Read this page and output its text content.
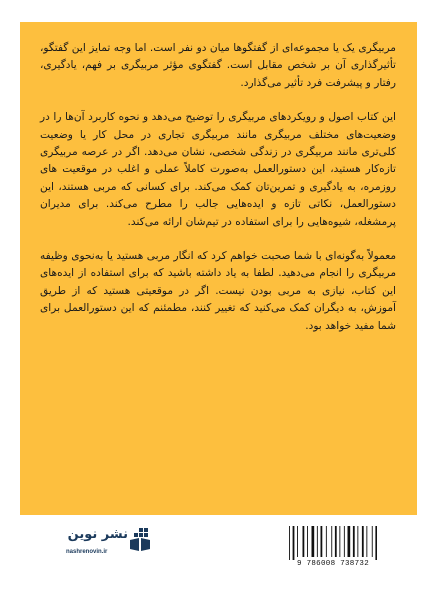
مربیگری یک یا مجموعه‌ای از گفتگوها میان دو نفر است. اما وجه تمایز این گفتگو، تأثیرگذاری آن بر شخص مقابل است. گفتگوی مؤثر مربیگری بر فهم، یادگیری، رفتار و پیشرفت فرد تأثیر می‌گذارد.

این کتاب اصول و رویکردهای مربیگری را توضیح می‌دهد و نحوه کاربرد آن‌ها را در وضعیت‌های مختلف مربیگری مانند مربیگری تجاری در محل کار یا وضعیت کلی‌تری مانند مربیگری در زندگی شخصی، نشان می‌دهد. اگر در عرصه مربیگری تازه‌کار هستید، این دستورالعمل به‌صورت کاملاً عملی و اغلب در موقعیت های روزمره، به یادگیری و تمرین‌تان کمک می‌کند. برای کسانی که مربی هستند، این دستورالعمل، نکاتی تازه و ایده‌هایی جالب را مطرح می‌کند. برای مدیران پرمشغله، شیوه‌هایی را برای استفاده در تیم‌شان ارائه می‌کند.

معمولاً به‌گونه‌ای با شما صحبت خواهم کرد که انگار مربی هستید یا به‌نحوی وظیفه مربیگری را انجام می‌دهید. لطفا به یاد داشته باشید که برای استفاده از ایده‌های این کتاب، نیازی به مربی بودن نیست. اگر در موقعیتی هستید که از طریق آموزش، به دیگران کمک می‌کنید که تغییر کنند، مطمئنم که این دستورالعمل برای شما مفید خواهد بود.

نشر نوین
nashrenovin.ir
9 786008 738732
